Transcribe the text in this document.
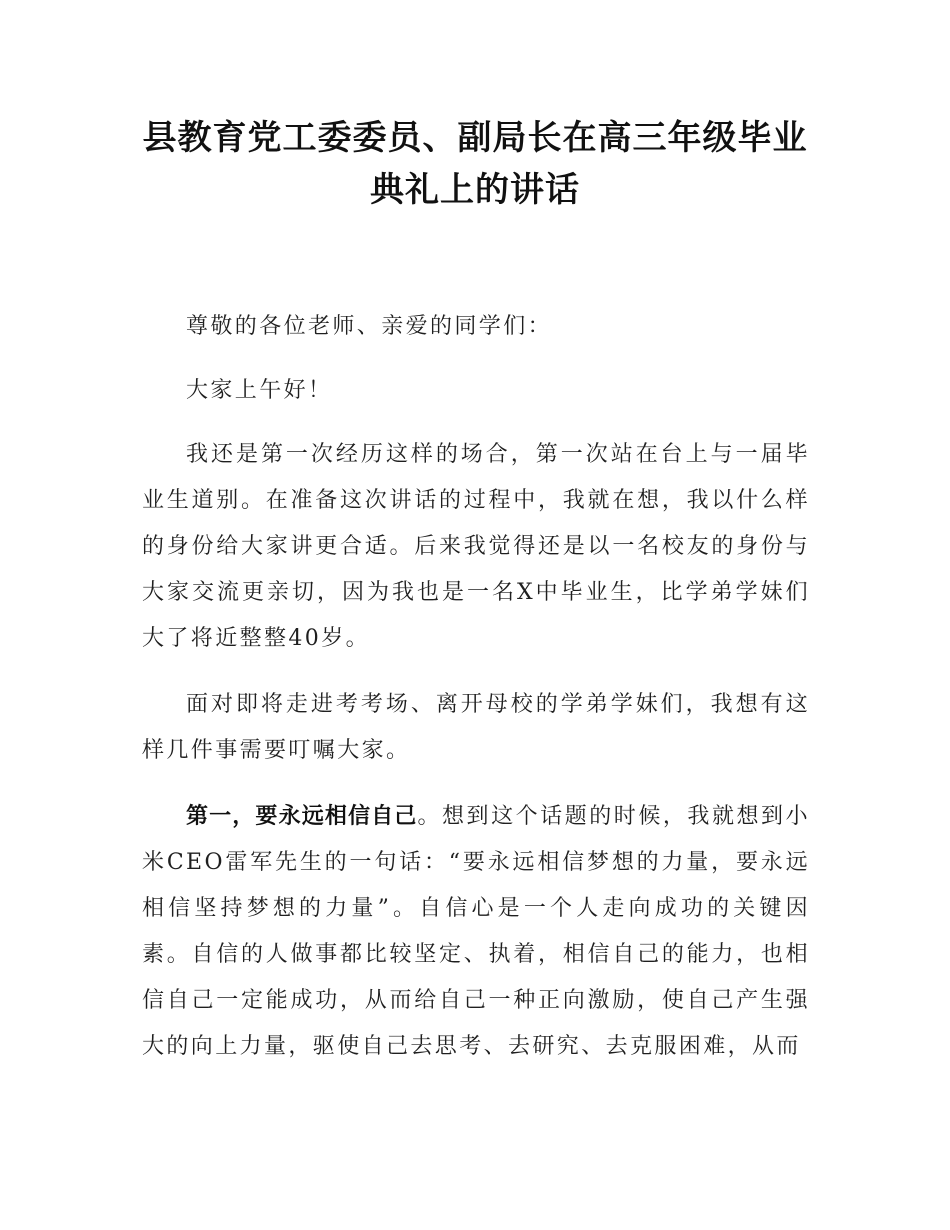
县教育党工委委员、副局长在高三年级毕业典礼上的讲话

尊敬的各位老师、亲爱的同学们：

大家上午好！

我还是第一次经历这样的场合，第一次站在台上与一届毕业生道别。在准备这次讲话的过程中，我就在想，我以什么样的身份给大家讲更合适。后来我觉得还是以一名校友的身份与大家交流更亲切，因为我也是一名X中毕业生，比学弟学妹们大了将近整整40岁。

面对即将走进考考场、离开母校的学弟学妹们，我想有这样几件事需要叮嘱大家。

第一，要永远相信自己。想到这个话题的时候，我就想到小米CEO雷军先生的一句话：“要永远相信梦想的力量，要永远相信坚持梦想的力量”。自信心是一个人走向成功的关键因素。自信的人做事都比较坚定、执着，相信自己的能力，也相信自己一定能成功，从而给自己一种正向激励，使自己产生强大的向上力量，驱使自己去思考、去研究、去克服困难，从而
